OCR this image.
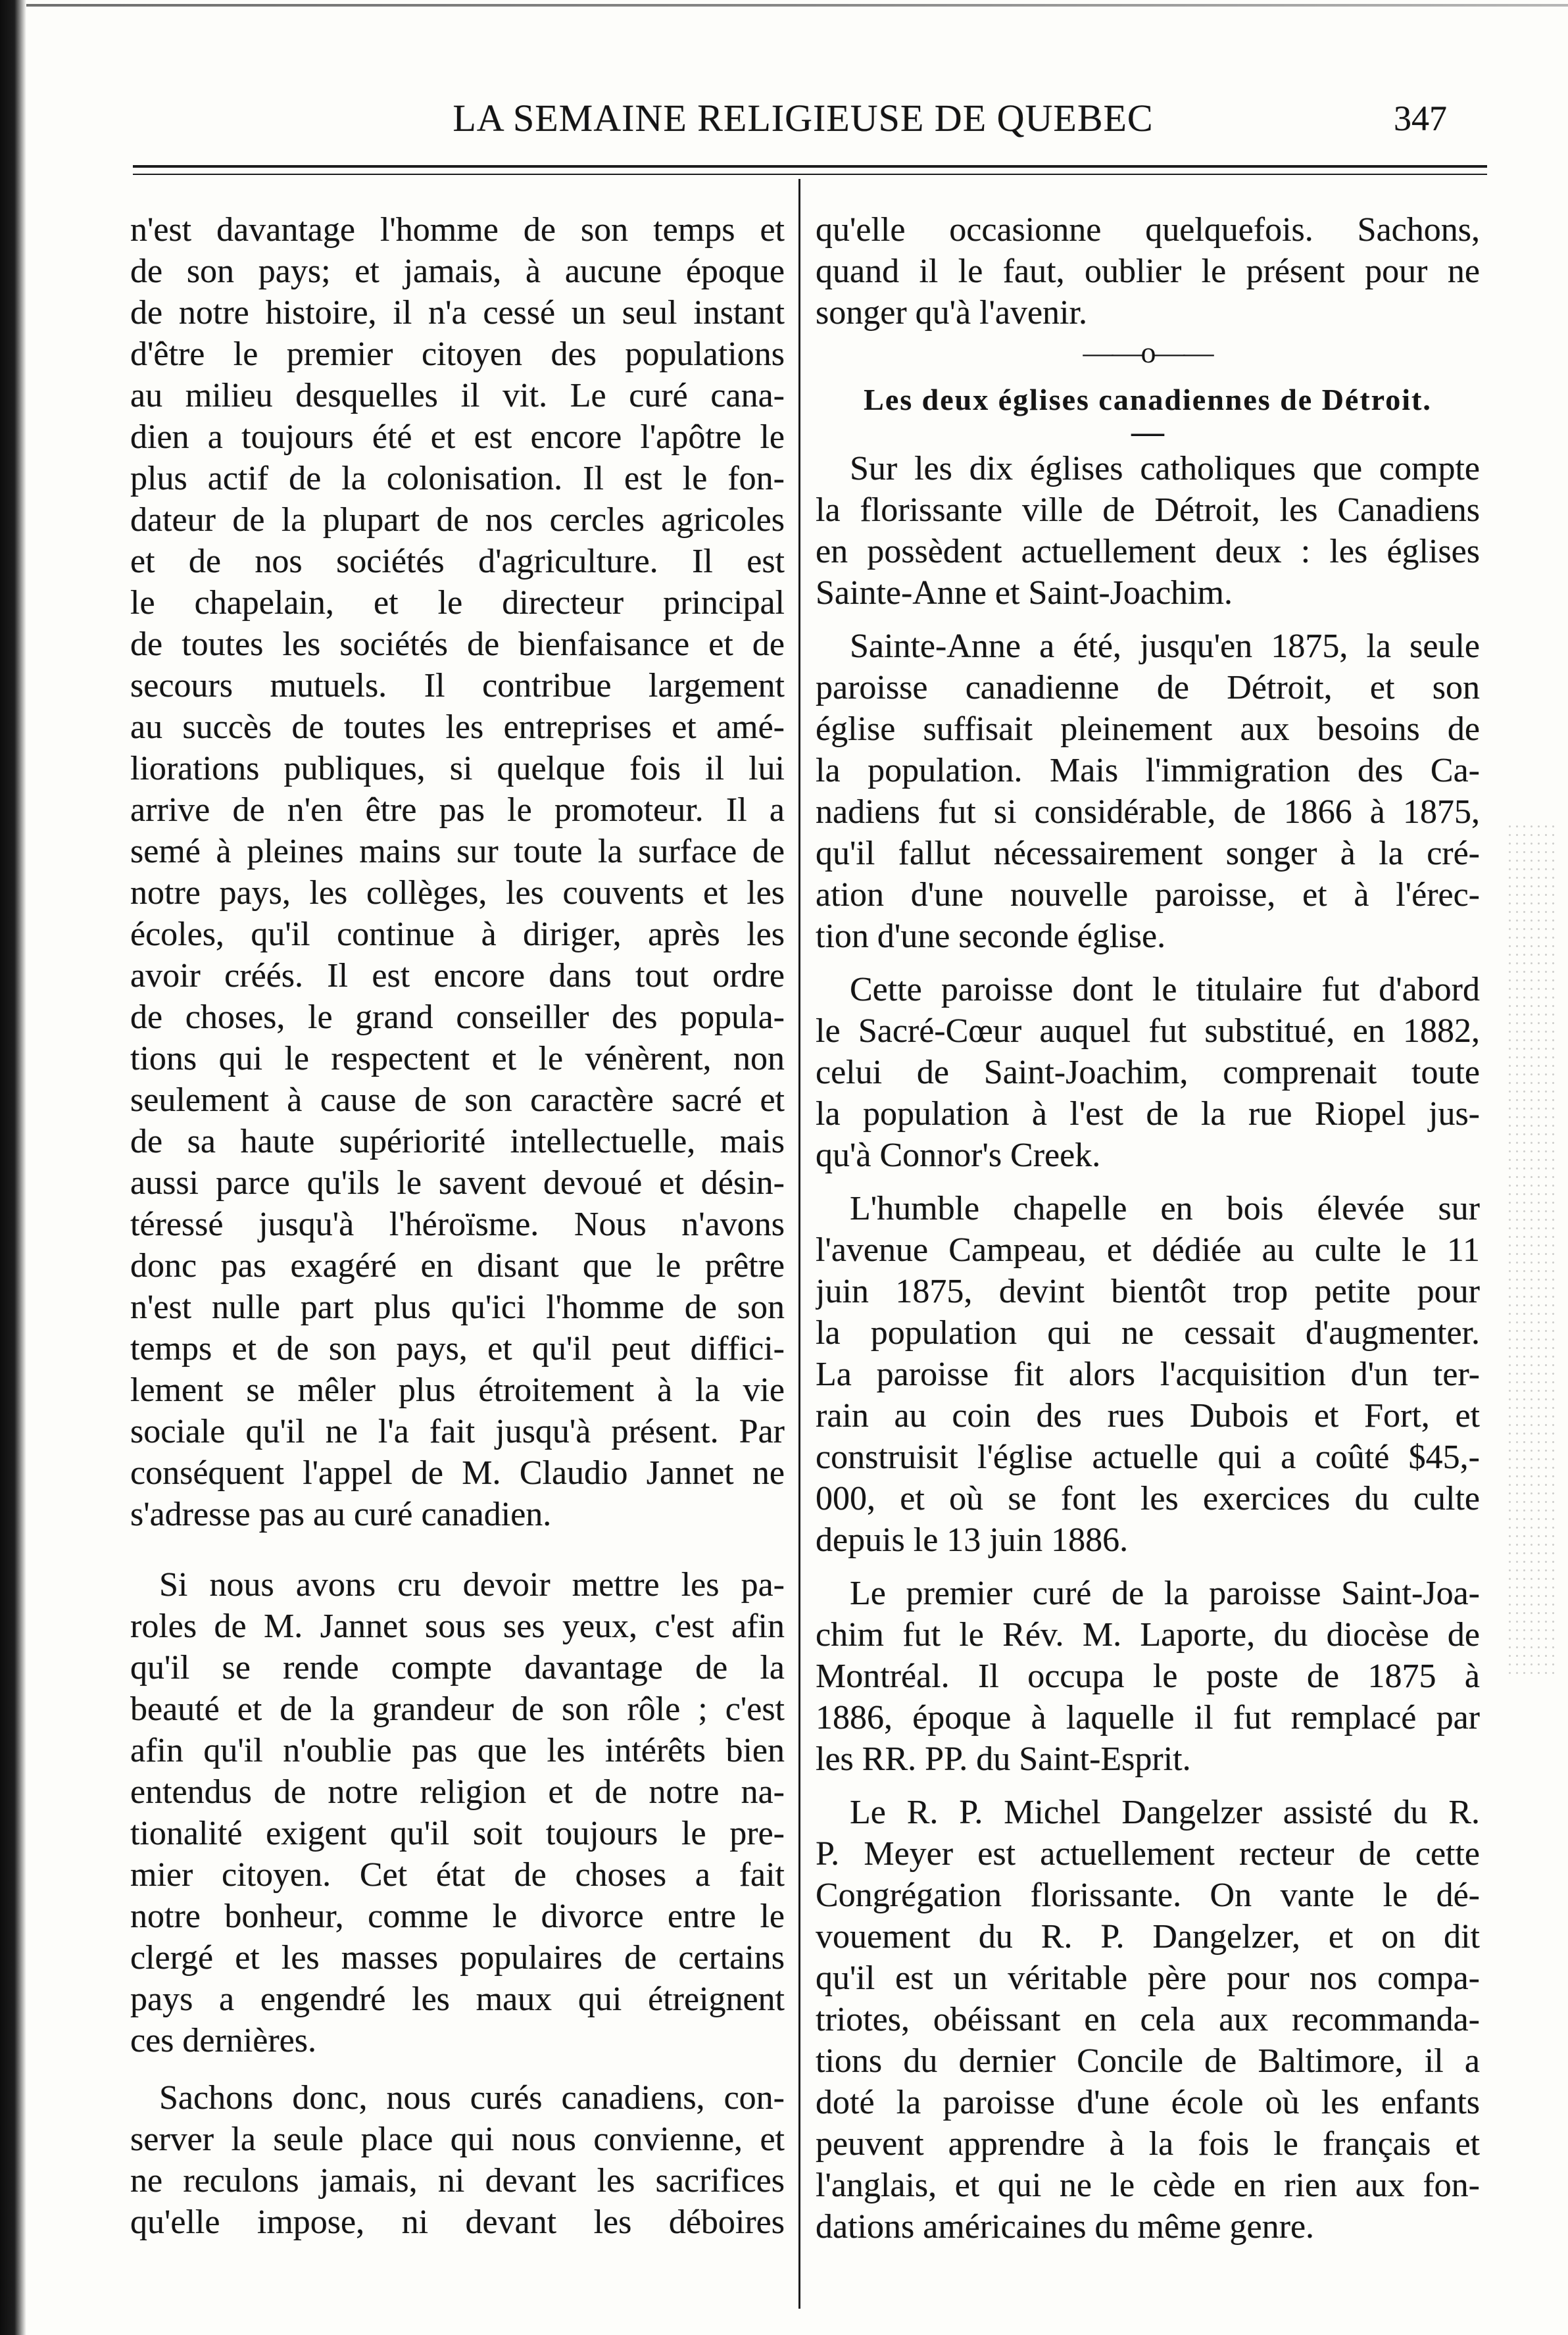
LA SEMAINE RELIGIEUSE DE QUEBEC	347
n'est davantage l'homme de son temps et
de son pays; et jamais, à aucune époque
de notre histoire, il n'a cessé un seul instant
d'être le premier citoyen des populations
au milieu desquelles il vit. Le curé cana-
dien a toujours été et est encore l'apôtre le
plus actif de la colonisation. Il est le fon-
dateur de la plupart de nos cercles agricoles
et de nos sociétés d'agriculture. Il est
le chapelain, et le directeur principal
de toutes les sociétés de bienfaisance et de
secours mutuels. Il contribue largement
au succès de toutes les entreprises et amé-
liorations publiques, si quelque fois il lui
arrive de n'en être pas le promoteur. Il a
semé à pleines mains sur toute la surface de
notre pays, les collèges, les couvents et les
écoles, qu'il continue à diriger, après les
avoir créés. Il est encore dans tout ordre
de choses, le grand conseiller des popula-
tions qui le respectent et le vénèrent, non
seulement à cause de son caractère sacré et
de sa haute supériorité intellectuelle, mais
aussi parce qu'ils le savent devoué et désin-
téressé jusqu'à l'héroïsme. Nous n'avons
donc pas exagéré en disant que le prêtre
n'est nulle part plus qu'ici l'homme de son
temps et de son pays, et qu'il peut diffici-
lement se mêler plus étroitement à la vie
sociale qu'il ne l'a fait jusqu'à présent. Par
conséquent l'appel de M. Claudio Jannet ne
s'adresse pas au curé canadien.
Si nous avons cru devoir mettre les pa-
roles de M. Jannet sous ses yeux, c'est afin
qu'il se rende compte davantage de la
beauté et de la grandeur de son rôle ; c'est
afin qu'il n'oublie pas que les intérêts bien
entendus de notre religion et de notre na-
tionalité exigent qu'il soit toujours le pre-
mier citoyen. Cet état de choses a fait
notre bonheur, comme le divorce entre le
clergé et les masses populaires de certains
pays a engendré les maux qui étreignent
ces dernières.
Sachons donc, nous curés canadiens, con-
server la seule place qui nous convienne, et
ne reculons jamais, ni devant les sacrifices
qu'elle impose, ni devant les déboires
qu'elle occasionne quelquefois. Sachons,
quand il le faut, oublier le présent pour ne
songer qu'à l'avenir.
——o——
Les deux églises canadiennes de Détroit.
—
Sur les dix églises catholiques que compte
la florissante ville de Détroit, les Canadiens
en possèdent actuellement deux : les églises
Sainte-Anne et Saint-Joachim.
Sainte-Anne a été, jusqu'en 1875, la seule
paroisse canadienne de Détroit, et son
église suffisait pleinement aux besoins de
la population. Mais l'immigration des Ca-
nadiens fut si considérable, de 1866 à 1875,
qu'il fallut nécessairement songer à la cré-
ation d'une nouvelle paroisse, et à l'érec-
tion d'une seconde église.
Cette paroisse dont le titulaire fut d'abord
le Sacré-Cœur auquel fut substitué, en 1882,
celui de Saint-Joachim, comprenait toute
la population à l'est de la rue Riopel jus-
qu'à Connor's Creek.
L'humble chapelle en bois élevée sur
l'avenue Campeau, et dédiée au culte le 11
juin 1875, devint bientôt trop petite pour
la population qui ne cessait d'augmenter.
La paroisse fit alors l'acquisition d'un ter-
rain au coin des rues Dubois et Fort, et
construisit l'église actuelle qui a coûté $45,-
000, et où se font les exercices du culte
depuis le 13 juin 1886.
Le premier curé de la paroisse Saint-Joa-
chim fut le Rév. M. Laporte, du diocèse de
Montréal. Il occupa le poste de 1875 à
1886, époque à laquelle il fut remplacé par
les RR. PP. du Saint-Esprit.
Le R. P. Michel Dangelzer assisté du R.
P. Meyer est actuellement recteur de cette
Congrégation florissante. On vante le dé-
vouement du R. P. Dangelzer, et on dit
qu'il est un véritable père pour nos compa-
triotes, obéissant en cela aux recommanda-
tions du dernier Concile de Baltimore, il a
doté la paroisse d'une école où les enfants
peuvent apprendre à la fois le français et
l'anglais, et qui ne le cède en rien aux fon-
dations américaines du même genre.
